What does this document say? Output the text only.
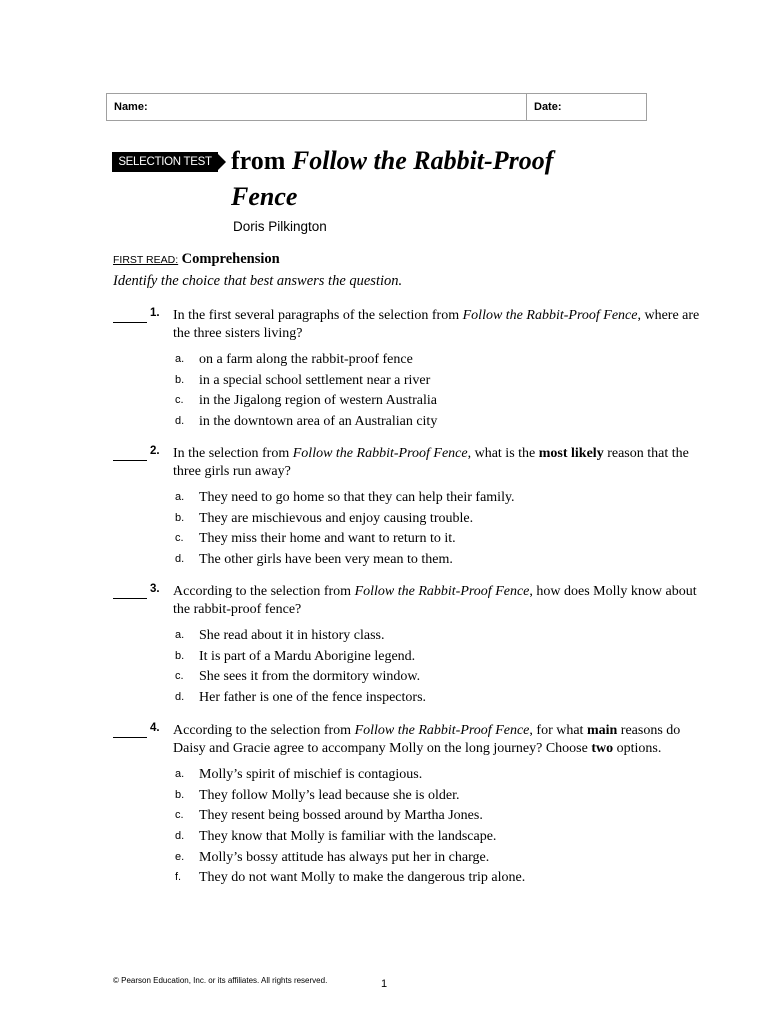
Name:	Date:
SELECTION TEST from Follow the Rabbit-Proof
Fence
Doris Pilkington
FIRST READ: Comprehension
Identify the choice that best answers the question.
1. In the first several paragraphs of the selection from Follow the Rabbit-Proof Fence, where are the three sisters living?
a. on a farm along the rabbit-proof fence
b. in a special school settlement near a river
c. in the Jigalong region of western Australia
d. in the downtown area of an Australian city
2. In the selection from Follow the Rabbit-Proof Fence, what is the most likely reason that the three girls run away?
a. They need to go home so that they can help their family.
b. They are mischievous and enjoy causing trouble.
c. They miss their home and want to return to it.
d. The other girls have been very mean to them.
3. According to the selection from Follow the Rabbit-Proof Fence, how does Molly know about the rabbit-proof fence?
a. She read about it in history class.
b. It is part of a Mardu Aborigine legend.
c. She sees it from the dormitory window.
d. Her father is one of the fence inspectors.
4. According to the selection from Follow the Rabbit-Proof Fence, for what main reasons do Daisy and Gracie agree to accompany Molly on the long journey? Choose two options.
a. Molly’s spirit of mischief is contagious.
b. They follow Molly’s lead because she is older.
c. They resent being bossed around by Martha Jones.
d. They know that Molly is familiar with the landscape.
e. Molly’s bossy attitude has always put her in charge.
f. They do not want Molly to make the dangerous trip alone.
© Pearson Education, Inc. or its affiliates. All rights reserved.	1
